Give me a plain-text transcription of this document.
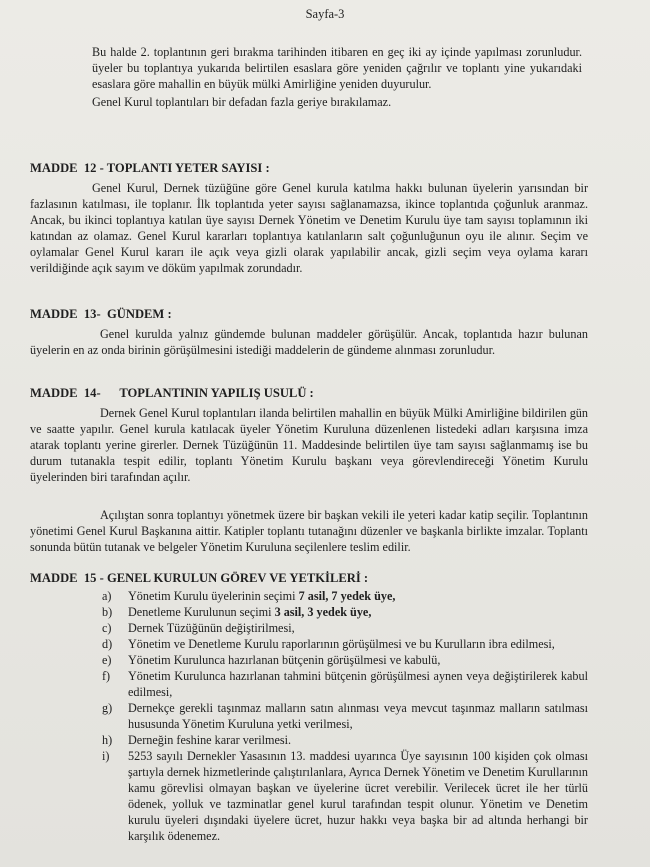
Sayfa-3

Bu halde 2. toplantının geri bırakma tarihinden itibaren en geç iki ay içinde yapılması zorunludur. üyeler bu toplantıya yukarıda belirtilen esaslara göre yeniden çağrılır ve toplantı yine yukarıdaki esaslara göre mahallin en büyük mülki Amirliğine yeniden duyurulur.

Genel Kurul toplantıları bir defadan fazla geriye bırakılamaz.

MADDE  12 - TOPLANTI YETER SAYISI :

Genel Kurul, Dernek tüzüğüne göre Genel kurula katılma hakkı bulunan üyelerin yarısından bir fazlasının katılması, ile toplanır. İlk toplantıda yeter sayısı sağlanamazsa, ikince toplantıda çoğunluk aranmaz. Ancak, bu ikinci toplantıya katılan üye sayısı Dernek Yönetim ve Denetim Kurulu üye tam sayısı toplamının iki katından az olamaz. Genel Kurul kararları toplantıya katılanların salt çoğunluğunun oyu ile alınır. Seçim ve oylamalar Genel Kurul kararı ile açık veya gizli olarak yapılabilir ancak, gizli seçim veya oylama kararı verildiğinde açık sayım ve döküm yapılmak zorundadır.

MADDE  13-  GÜNDEM :

Genel kurulda yalnız gündemde bulunan maddeler görüşülür. Ancak, toplantıda hazır bulunan üyelerin en az onda birinin görüşülmesini istediği maddelerin de gündeme alınması zorunludur.

MADDE  14-      TOPLANTININ YAPILIŞ USULÜ :

Dernek Genel Kurul toplantıları ilanda belirtilen mahallin en büyük Mülki Amirliğine bildirilen gün ve saatte yapılır. Genel kurula katılacak üyeler Yönetim Kuruluna düzenlenen listedeki adları karşısına imza atarak toplantı yerine girerler. Dernek Tüzüğünün 11. Maddesinde belirtilen üye tam sayısı sağlanmamış ise bu durum tutanakla tespit edilir, toplantı Yönetim Kurulu başkanı veya görevlendireceği Yönetim Kurulu üyelerinden biri tarafından açılır.

Açılıştan sonra toplantıyı yönetmek üzere bir başkan vekili ile yeteri kadar katip seçilir. Toplantının yönetimi Genel Kurul Başkanına aittir. Katipler toplantı tutanağını düzenler ve başkanla birlikte imzalar. Toplantı sonunda bütün tutanak ve belgeler Yönetim Kuruluna seçilenlere teslim edilir.

MADDE  15 - GENEL KURULUN GÖREV VE YETKİLERİ :

a) Yönetim Kurulu üyelerinin seçimi 7 asil, 7 yedek üye,
b) Denetleme Kurulunun seçimi 3 asil, 3 yedek üye,
c) Dernek Tüzüğünün değiştirilmesi,
d) Yönetim ve Denetleme Kurulu raporlarının görüşülmesi ve bu Kurulların ibra edilmesi,
e) Yönetim Kurulunca hazırlanan bütçenin görüşülmesi ve kabulü,
f) Yönetim Kurulunca hazırlanan tahmini bütçenin görüşülmesi aynen veya değiştirilerek kabul edilmesi,
g) Dernekçe gerekli taşınmaz malların satın alınması veya mevcut taşınmaz malların satılması hususunda Yönetim Kuruluna yetki verilmesi,
h) Derneğin feshine karar verilmesi.
i) 5253 sayılı Dernekler Yasasının 13. maddesi uyarınca Üye sayısının 100 kişiden çok olması şartıyla dernek hizmetlerinde çalıştırılanlara, Ayrıca Dernek Yönetim ve Denetim Kurullarının kamu görevlisi olmayan başkan ve üyelerine ücret verebilir. Verilecek ücret ile her türlü ödenek, yolluk ve tazminatlar genel kurul tarafından tespit olunur. Yönetim ve Denetim kurulu üyeleri dışındaki üyelere ücret, huzur hakkı veya başka bir ad altında herhangi bir karşılık ödenemez.
